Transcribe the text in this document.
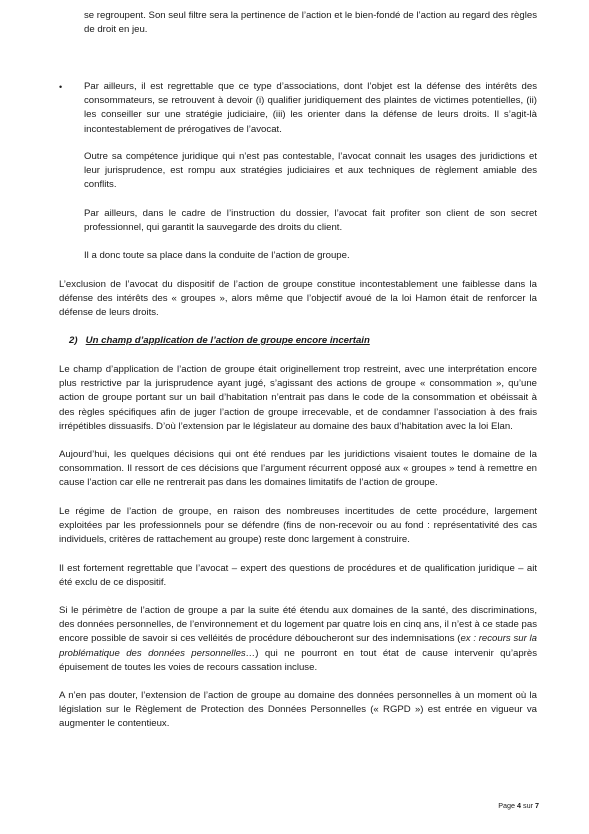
se regroupent. Son seul filtre sera la pertinence de l’action et le bien-fondé de l’action au regard des règles de droit en jeu.

• Par ailleurs, il est regrettable que ce type d’associations, dont l’objet est la défense des intérêts des consommateurs, se retrouvent à devoir (i) qualifier juridiquement des plaintes de victimes potentielles, (ii) les conseiller sur une stratégie judiciaire, (iii) les orienter dans la défense de leurs droits. Il s’agit-là incontestablement de prérogatives de l’avocat.

Outre sa compétence juridique qui n’est pas contestable, l’avocat connait les usages des juridictions et leur jurisprudence, est rompu aux stratégies judiciaires et aux techniques de règlement amiable des conflits.

Par ailleurs, dans le cadre de l’instruction du dossier, l’avocat fait profiter son client de son secret professionnel, qui garantit la sauvegarde des droits du client.

Il a donc toute sa place dans la conduite de l’action de groupe.

L’exclusion de l’avocat du dispositif de l’action de groupe constitue incontestablement une faiblesse dans la défense des intérêts des « groupes », alors même que l’objectif avoué de la loi Hamon était de renforcer la défense de leurs droits.

2) Un champ d’application de l’action de groupe encore incertain

Le champ d’application de l’action de groupe était originellement trop restreint, avec une interprétation encore plus restrictive par la jurisprudence ayant jugé, s’agissant des actions de groupe « consommation », qu’une action de groupe portant sur un bail d’habitation n’entrait pas dans le code de la consommation et obéissait à des règles spécifiques afin de juger l’action de groupe irrecevable, et de condamner l’association à des frais irrépétibles dissuasifs. D’où l’extension par le législateur au domaine des baux d’habitation avec la loi Elan.

Aujourd’hui, les quelques décisions qui ont été rendues par les juridictions visaient toutes le domaine de la consommation. Il ressort de ces décisions que l’argument récurrent opposé aux « groupes » tend à remettre en cause l’action car elle ne rentrerait pas dans les domaines limitatifs de l’action de groupe.

Le régime de l’action de groupe, en raison des nombreuses incertitudes de cette procédure, largement exploitées par les professionnels pour se défendre (fins de non-recevoir ou au fond : représentativité des cas individuels, critères de rattachement au groupe) reste donc largement à construire.

Il est fortement regrettable que l’avocat – expert des questions de procédures et de qualification juridique – ait été exclu de ce dispositif.

Si le périmètre de l’action de groupe a par la suite été étendu aux domaines de la santé, des discriminations, des données personnelles, de l’environnement et du logement par quatre lois en cinq ans, il n’est à ce stade pas encore possible de savoir si ces velléités de procédure déboucheront sur des indemnisations (ex : recours sur la problématique des données personnelles…) qui ne pourront en tout état de cause intervenir qu’après épuisement de toutes les voies de recours cassation incluse.

A n’en pas douter, l’extension de l’action de groupe au domaine des données personnelles à un moment où la législation sur le Règlement de Protection des Données Personnelles (« RGPD ») est entrée en vigueur va augmenter le contentieux.

Page 4 sur 7
